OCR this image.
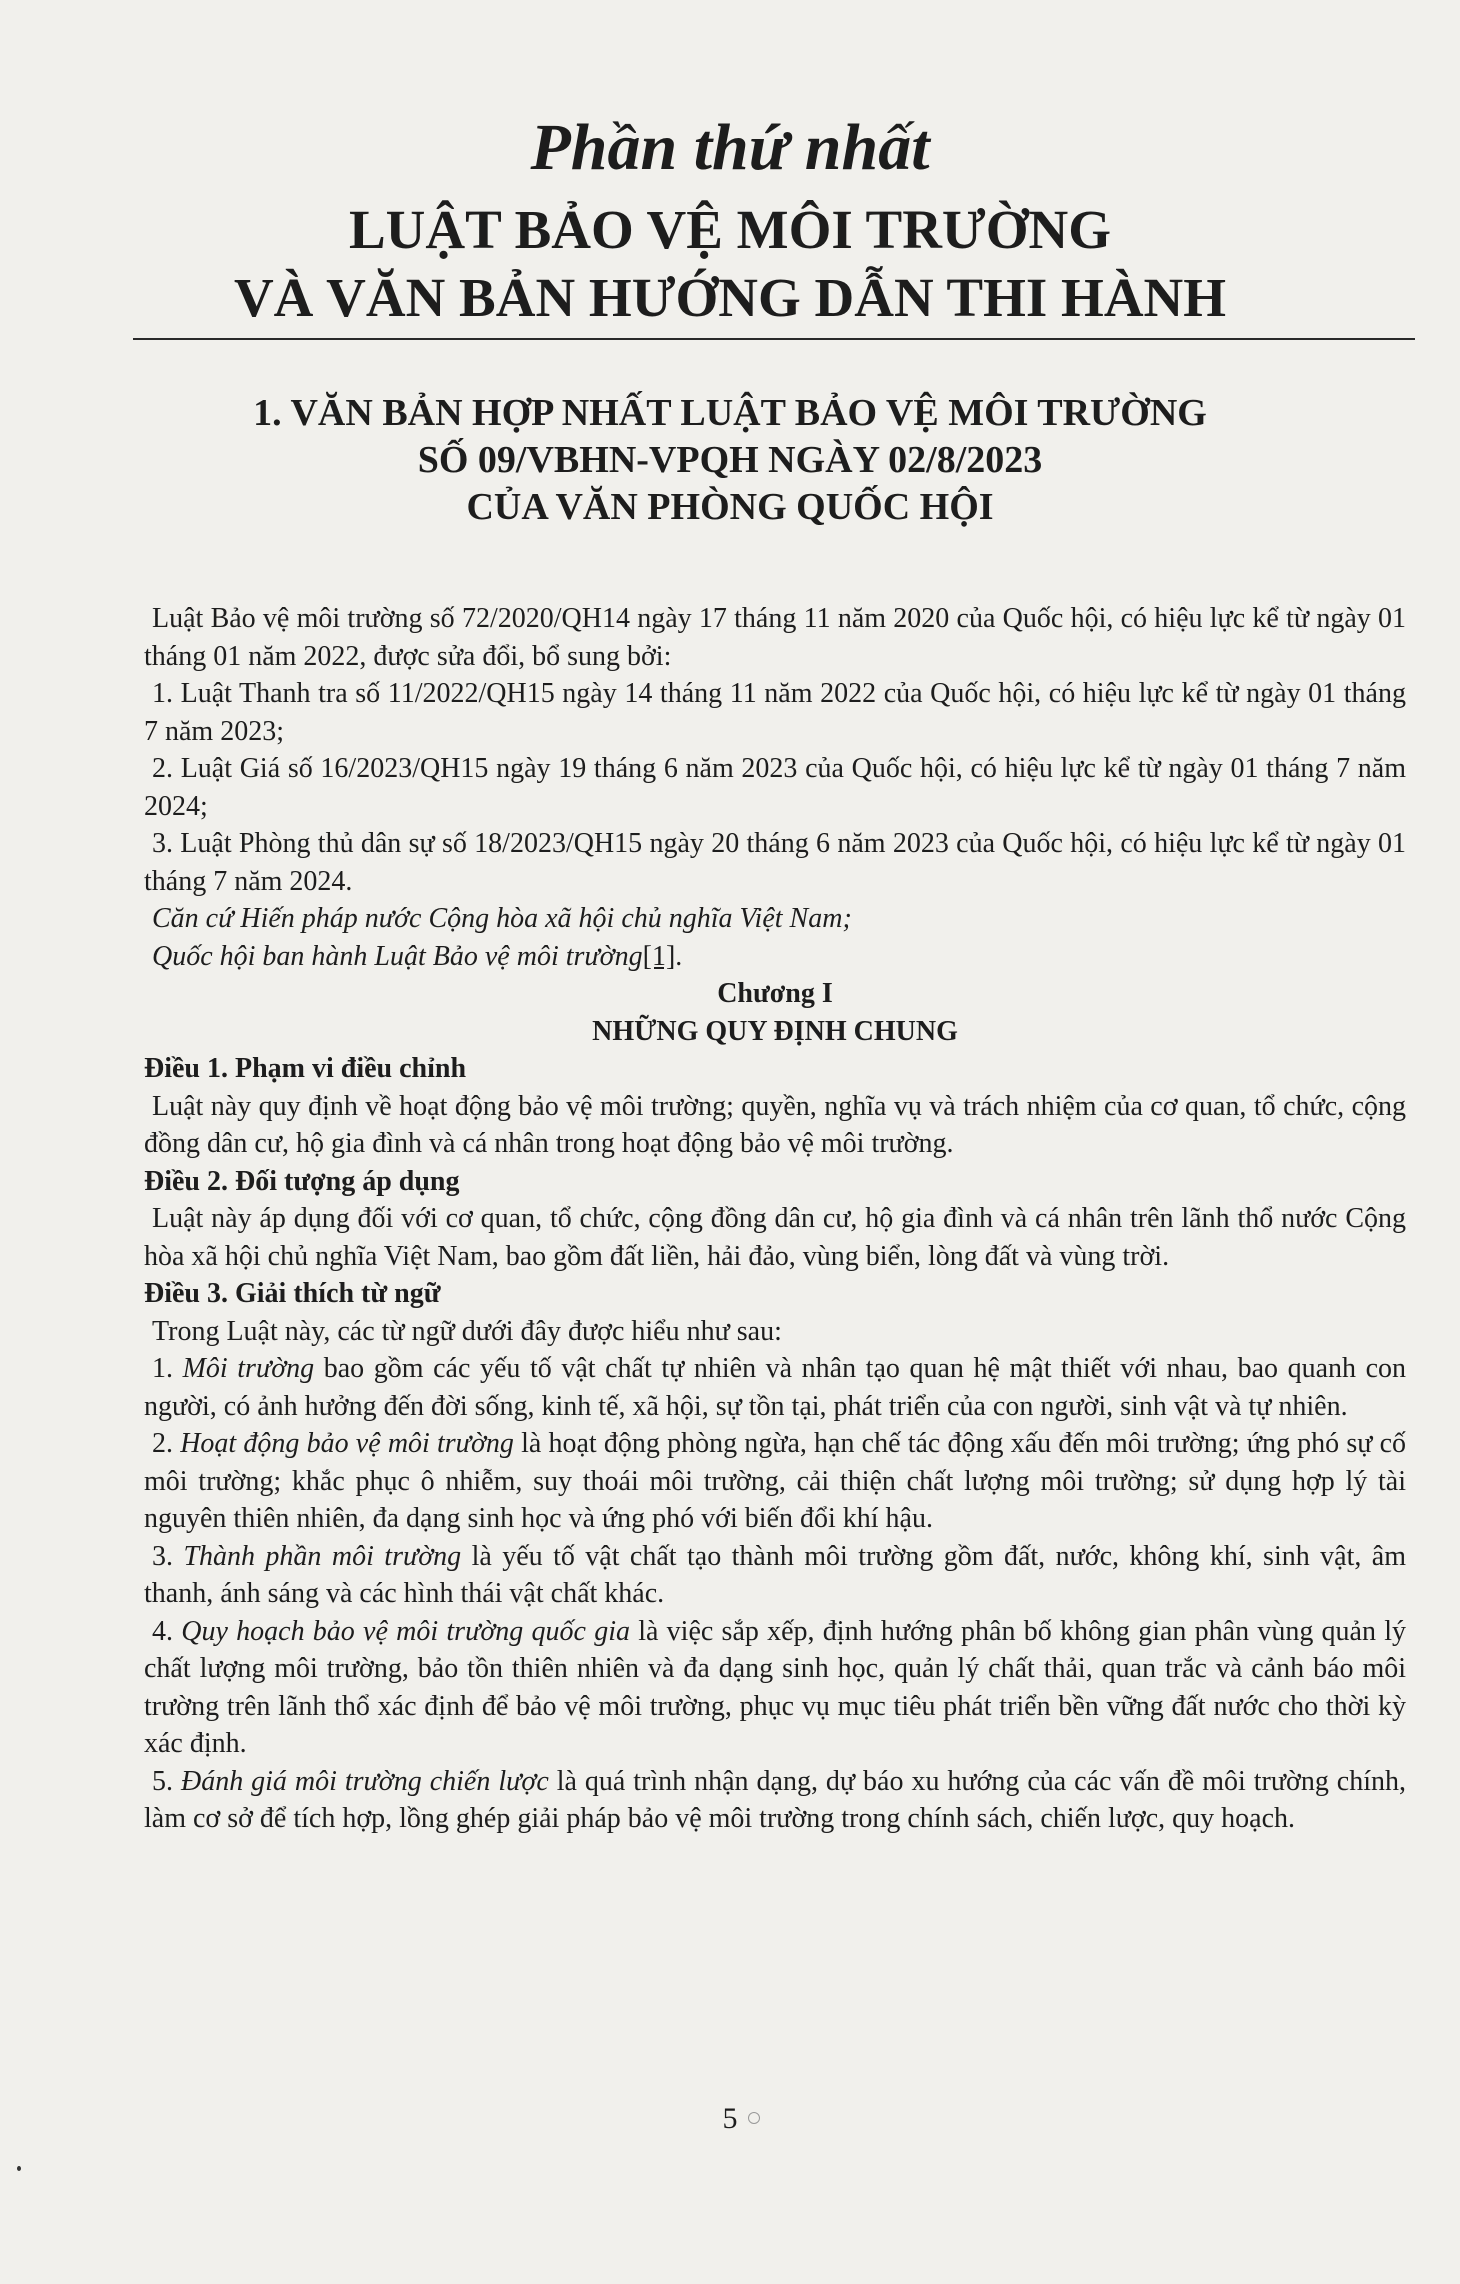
Phần thứ nhất
LUẬT BẢO VỆ MÔI TRƯỜNG
VÀ VĂN BẢN HƯỚNG DẪN THI HÀNH
1. VĂN BẢN HỢP NHẤT LUẬT BẢO VỆ MÔI TRƯỜNG
SỐ 09/VBHN-VPQH NGÀY 02/8/2023
CỦA VĂN PHÒNG QUỐC HỘI

Luật Bảo vệ môi trường số 72/2020/QH14 ngày 17 tháng 11 năm 2020 của Quốc hội, có hiệu lực kể từ ngày 01 tháng 01 năm 2022, được sửa đổi, bổ sung bởi:

1. Luật Thanh tra số 11/2022/QH15 ngày 14 tháng 11 năm 2022 của Quốc hội, có hiệu lực kể từ ngày 01 tháng 7 năm 2023;

2. Luật Giá số 16/2023/QH15 ngày 19 tháng 6 năm 2023 của Quốc hội, có hiệu lực kể từ ngày 01 tháng 7 năm 2024;

3. Luật Phòng thủ dân sự số 18/2023/QH15 ngày 20 tháng 6 năm 2023 của Quốc hội, có hiệu lực kể từ ngày 01 tháng 7 năm 2024.

Căn cứ Hiến pháp nước Cộng hòa xã hội chủ nghĩa Việt Nam;

Quốc hội ban hành Luật Bảo vệ môi trường[1].

Chương I

NHỮNG QUY ĐỊNH CHUNG

Điều 1. Phạm vi điều chỉnh

Luật này quy định về hoạt động bảo vệ môi trường; quyền, nghĩa vụ và trách nhiệm của cơ quan, tổ chức, cộng đồng dân cư, hộ gia đình và cá nhân trong hoạt động bảo vệ môi trường.

Điều 2. Đối tượng áp dụng

Luật này áp dụng đối với cơ quan, tổ chức, cộng đồng dân cư, hộ gia đình và cá nhân trên lãnh thổ nước Cộng hòa xã hội chủ nghĩa Việt Nam, bao gồm đất liền, hải đảo, vùng biển, lòng đất và vùng trời.

Điều 3. Giải thích từ ngữ

Trong Luật này, các từ ngữ dưới đây được hiểu như sau:

1. Môi trường bao gồm các yếu tố vật chất tự nhiên và nhân tạo quan hệ mật thiết với nhau, bao quanh con người, có ảnh hưởng đến đời sống, kinh tế, xã hội, sự tồn tại, phát triển của con người, sinh vật và tự nhiên.

2. Hoạt động bảo vệ môi trường là hoạt động phòng ngừa, hạn chế tác động xấu đến môi trường; ứng phó sự cố môi trường; khắc phục ô nhiễm, suy thoái môi trường, cải thiện chất lượng môi trường; sử dụng hợp lý tài nguyên thiên nhiên, đa dạng sinh học và ứng phó với biến đổi khí hậu.

3. Thành phần môi trường là yếu tố vật chất tạo thành môi trường gồm đất, nước, không khí, sinh vật, âm thanh, ánh sáng và các hình thái vật chất khác.

4. Quy hoạch bảo vệ môi trường quốc gia là việc sắp xếp, định hướng phân bố không gian phân vùng quản lý chất lượng môi trường, bảo tồn thiên nhiên và đa dạng sinh học, quản lý chất thải, quan trắc và cảnh báo môi trường trên lãnh thổ xác định để bảo vệ môi trường, phục vụ mục tiêu phát triển bền vững đất nước cho thời kỳ xác định.

5. Đánh giá môi trường chiến lược là quá trình nhận dạng, dự báo xu hướng của các vấn đề môi trường chính, làm cơ sở để tích hợp, lồng ghép giải pháp bảo vệ môi trường trong chính sách, chiến lược, quy hoạch.

5
